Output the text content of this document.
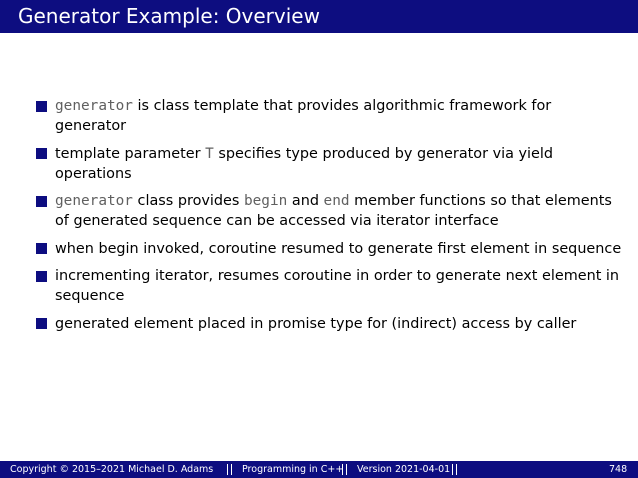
Generator Example: Overview
generator is class template that provides algorithmic framework for generator
template parameter T specifies type produced by generator via yield operations
generator class provides begin and end member functions so that elements of generated sequence can be accessed via iterator interface
when begin invoked, coroutine resumed to generate first element in sequence
incrementing iterator, resumes coroutine in order to generate next element in sequence
generated element placed in promise type for (indirect) access by caller
Copyright © 2015–2021 Michael D. Adams	Programming in C++ Version 2021-04-01	748
